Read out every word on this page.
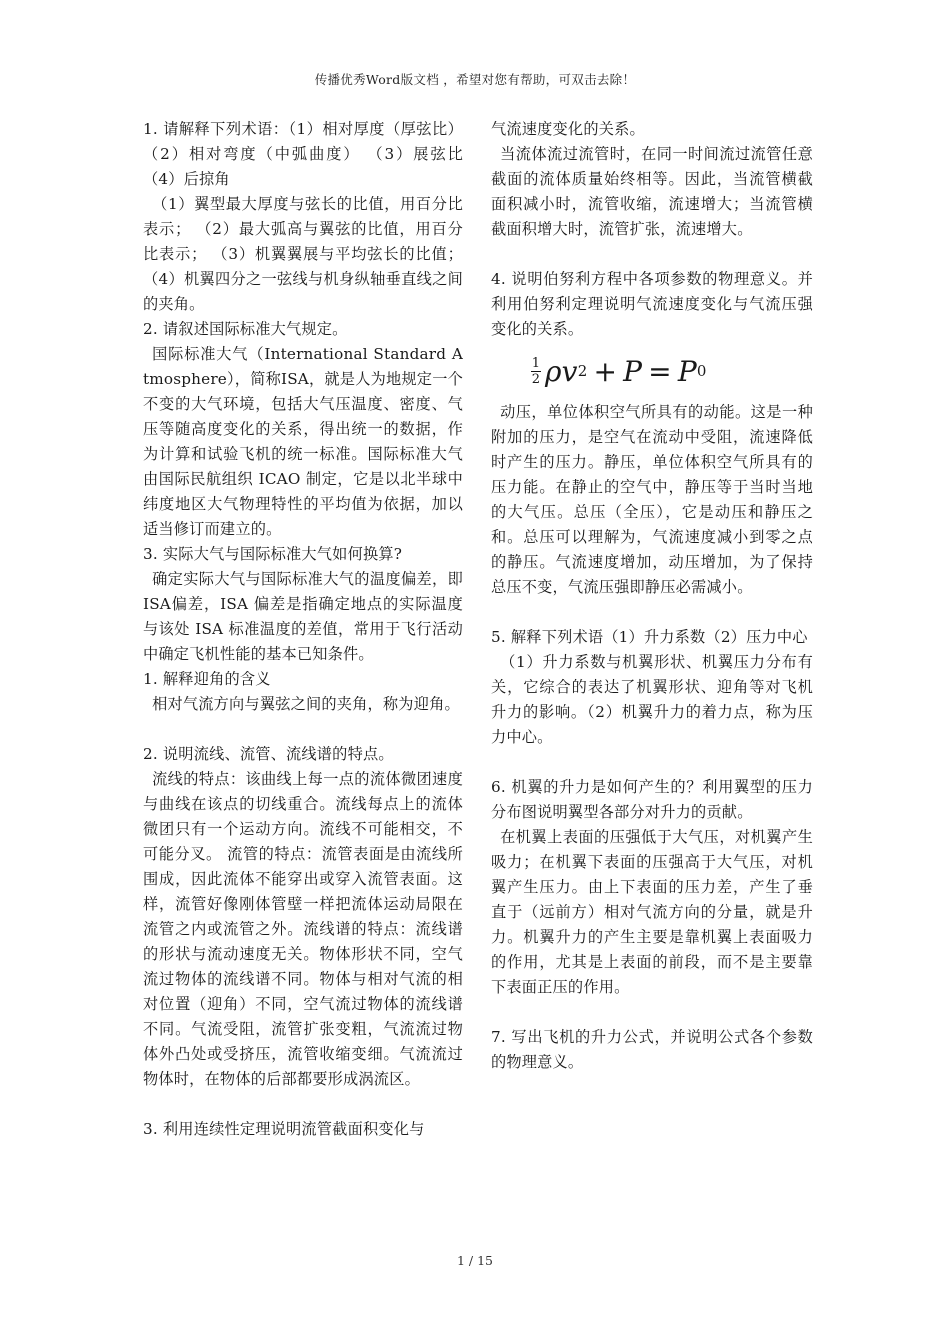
传播优秀Word版文档 ，希望对您有帮助，可双击去除！

1. 请解释下列术语：（1）相对厚度（厚弦比）（2）相对弯度（中弧曲度） （3）展弦比 （4）后掠角

（1）翼型最大厚度与弦长的比值，用百分比表示； （2）最大弧高与翼弦的比值，用百分比表示； （3）机翼翼展与平均弦长的比值； （4）机翼四分之一弦线与机身纵轴垂直线之间的夹角。

2. 请叙述国际标准大气规定。

国际标准大气（International Standard Atmosphere），简称ISA，就是人为地规定一个不变的大气环境，包括大气压温度、密度、气压等随高度变化的关系，得出统一的数据，作为计算和试验飞机的统一标准。国际标准大气由国际民航组织 ICAO 制定，它是以北半球中纬度地区大气物理特性的平均值为依据，加以适当修订而建立的。

3. 实际大气与国际标准大气如何换算?

确定实际大气与国际标准大气的温度偏差，即ISA偏差，ISA 偏差是指确定地点的实际温度与该处 ISA 标准温度的差值，常用于飞行活动中确定飞机性能的基本已知条件。

1. 解释迎角的含义

相对气流方向与翼弦之间的夹角，称为迎角。

2. 说明流线、流管、流线谱的特点。

流线的特点：该曲线上每一点的流体微团速度与曲线在该点的切线重合。流线每点上的流体微团只有一个运动方向。流线不可能相交，不可能分叉。 流管的特点：流管表面是由流线所围成，因此流体不能穿出或穿入流管表面。这样，流管好像刚体管壁一样把流体运动局限在流管之内或流管之外。流线谱的特点：流线谱的形状与流动速度无关。物体形状不同，空气流过物体的流线谱不同。物体与相对气流的相对位置（迎角）不同，空气流过物体的流线谱不同。气流受阻，流管扩张变粗，气流流过物体外凸处或受挤压，流管收缩变细。气流流过物体时，在物体的后部都要形成涡流区。

3. 利用连续性定理说明流管截面积变化与

气流速度变化的关系。

当流体流过流管时，在同一时间流过流管任意截面的流体质量始终相等。因此，当流管横截面积减小时，流管收缩，流速增大；当流管横截面积增大时，流管扩张，流速增大。

4. 说明伯努利方程中各项参数的物理意义。并利用伯努利定理说明气流速度变化与气流压强变化的关系。

$\frac{1}{2}$ ρ v 2 + P = P 0

动压，单位体积空气所具有的动能。这是一种附加的压力，是空气在流动中受阻，流速降低时产生的压力。静压，单位体积空气所具有的压力能。在静止的空气中，静压等于当时当地的大气压。总压（全压），它是动压和静压之和。总压可以理解为，气流速度减小到零之点的静压。气流速度增加，动压增加，为了保持总压不变，气流压强即静压必需减小。

5. 解释下列术语（1）升力系数（2）压力中心

（1）升力系数与机翼形状、机翼压力分布有关，它综合的表达了机翼形状、迎角等对飞机升力的影响。（2）机翼升力的着力点，称为压力中心。

6. 机翼的升力是如何产生的？利用翼型的压力分布图说明翼型各部分对升力的贡献。

在机翼上表面的压强低于大气压，对机翼产生吸力；在机翼下表面的压强高于大气压，对机翼产生压力。由上下表面的压力差，产生了垂直于（远前方）相对气流方向的分量，就是升力。机翼升力的产生主要是靠机翼上表面吸力的作用，尤其是上表面的前段，而不是主要靠下表面正压的作用。

7. 写出飞机的升力公式，并说明公式各个参数的物理意义。

1 / 15
